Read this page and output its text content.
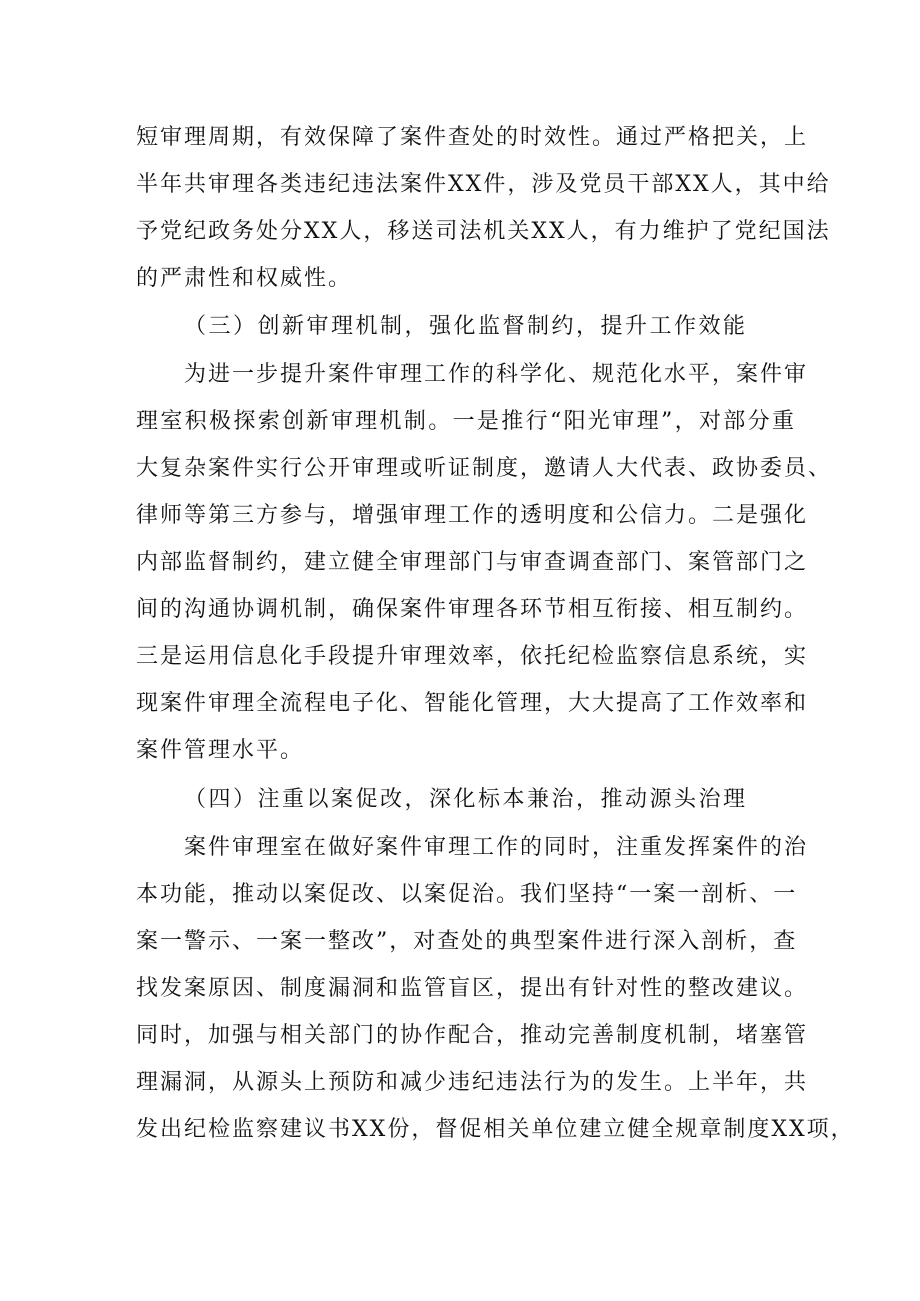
短审理周期，有效保障了案件查处的时效性。通过严格把关，上
半年共审理各类违纪违法案件XX件，涉及党员干部XX人，其中给
予党纪政务处分XX人，移送司法机关XX人，有力维护了党纪国法
的严肃性和权威性。
（三）创新审理机制，强化监督制约，提升工作效能
为进一步提升案件审理工作的科学化、规范化水平，案件审
理室积极探索创新审理机制。一是推行“阳光审理”，对部分重
大复杂案件实行公开审理或听证制度，邀请人大代表、政协委员、
律师等第三方参与，增强审理工作的透明度和公信力。二是强化
内部监督制约，建立健全审理部门与审查调查部门、案管部门之
间的沟通协调机制，确保案件审理各环节相互衔接、相互制约。
三是运用信息化手段提升审理效率，依托纪检监察信息系统，实
现案件审理全流程电子化、智能化管理，大大提高了工作效率和
案件管理水平。
（四）注重以案促改，深化标本兼治，推动源头治理
案件审理室在做好案件审理工作的同时，注重发挥案件的治
本功能，推动以案促改、以案促治。我们坚持“一案一剖析、一
案一警示、一案一整改”，对查处的典型案件进行深入剖析，查
找发案原因、制度漏洞和监管盲区，提出有针对性的整改建议。
同时，加强与相关部门的协作配合，推动完善制度机制，堵塞管
理漏洞，从源头上预防和减少违纪违法行为的发生。上半年，共
发出纪检监察建议书XX份，督促相关单位建立健全规章制度XX项，
